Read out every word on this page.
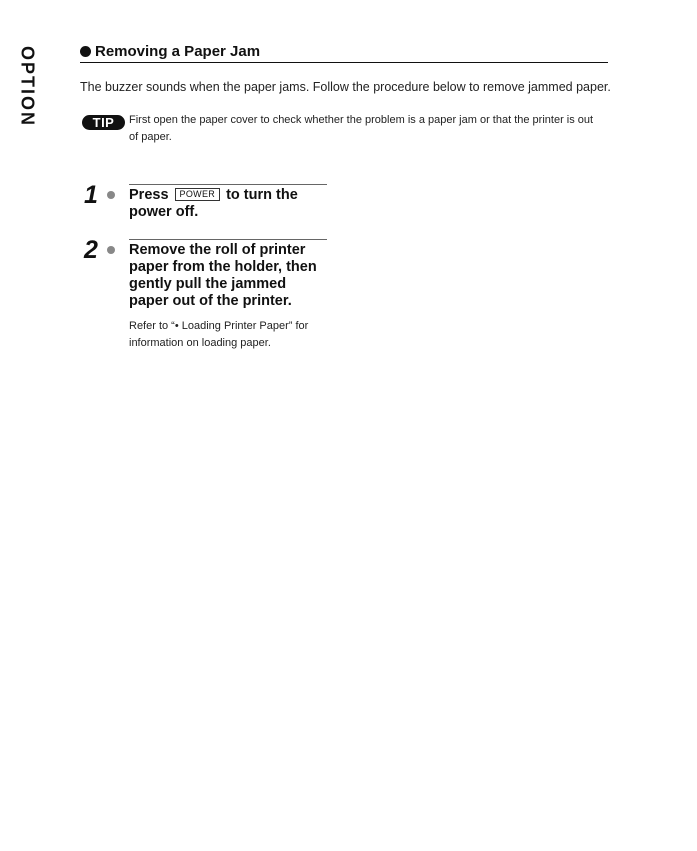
OPTION	Removing a Paper Jam
The buzzer sounds when the paper jams. Follow the procedure below to remove jammed paper.
TIP	First open the paper cover to check whether the problem is a paper jam or that the printer is out of paper.
1 Press POWER to turn the power off.
2 Remove the roll of printer paper from the holder, then gently pull the jammed paper out of the printer.
Refer to “• Loading Printer Paper” for information on loading paper.
